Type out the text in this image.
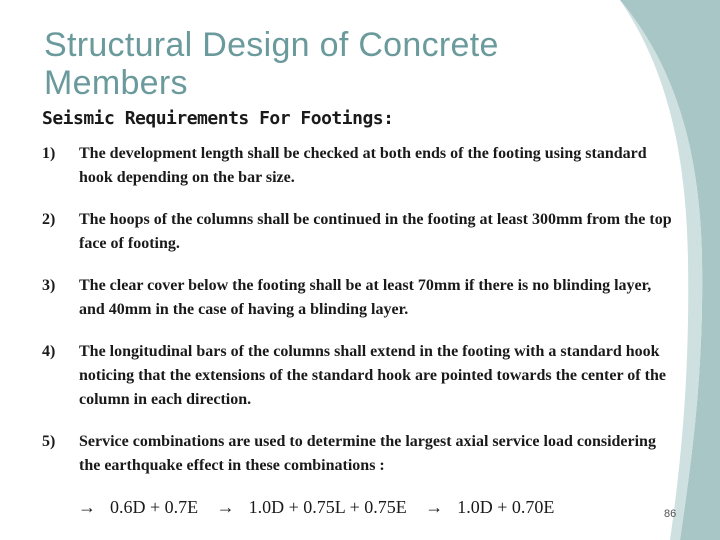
Structural Design of Concrete Members
Seismic Requirements For Footings:
1) The development length shall be checked at both ends of the footing using standard hook depending on the bar size.
2) The hoops of the columns shall be continued in the footing at least 300mm from the top face of footing.
3) The clear cover below the footing shall be at least 70mm if there is no blinding layer, and 40mm in the case of having a blinding layer.
4) The longitudinal bars of the columns shall extend in the footing with a standard hook noticing that the extensions of the standard hook are pointed towards the center of the column in each direction.
5) Service combinations are used to determine the largest axial service load considering the earthquake effect in these combinations :
→ 0.6D + 0.7E → 1.0D + 0.75L + 0.75E → 1.0D + 0.70E	86
